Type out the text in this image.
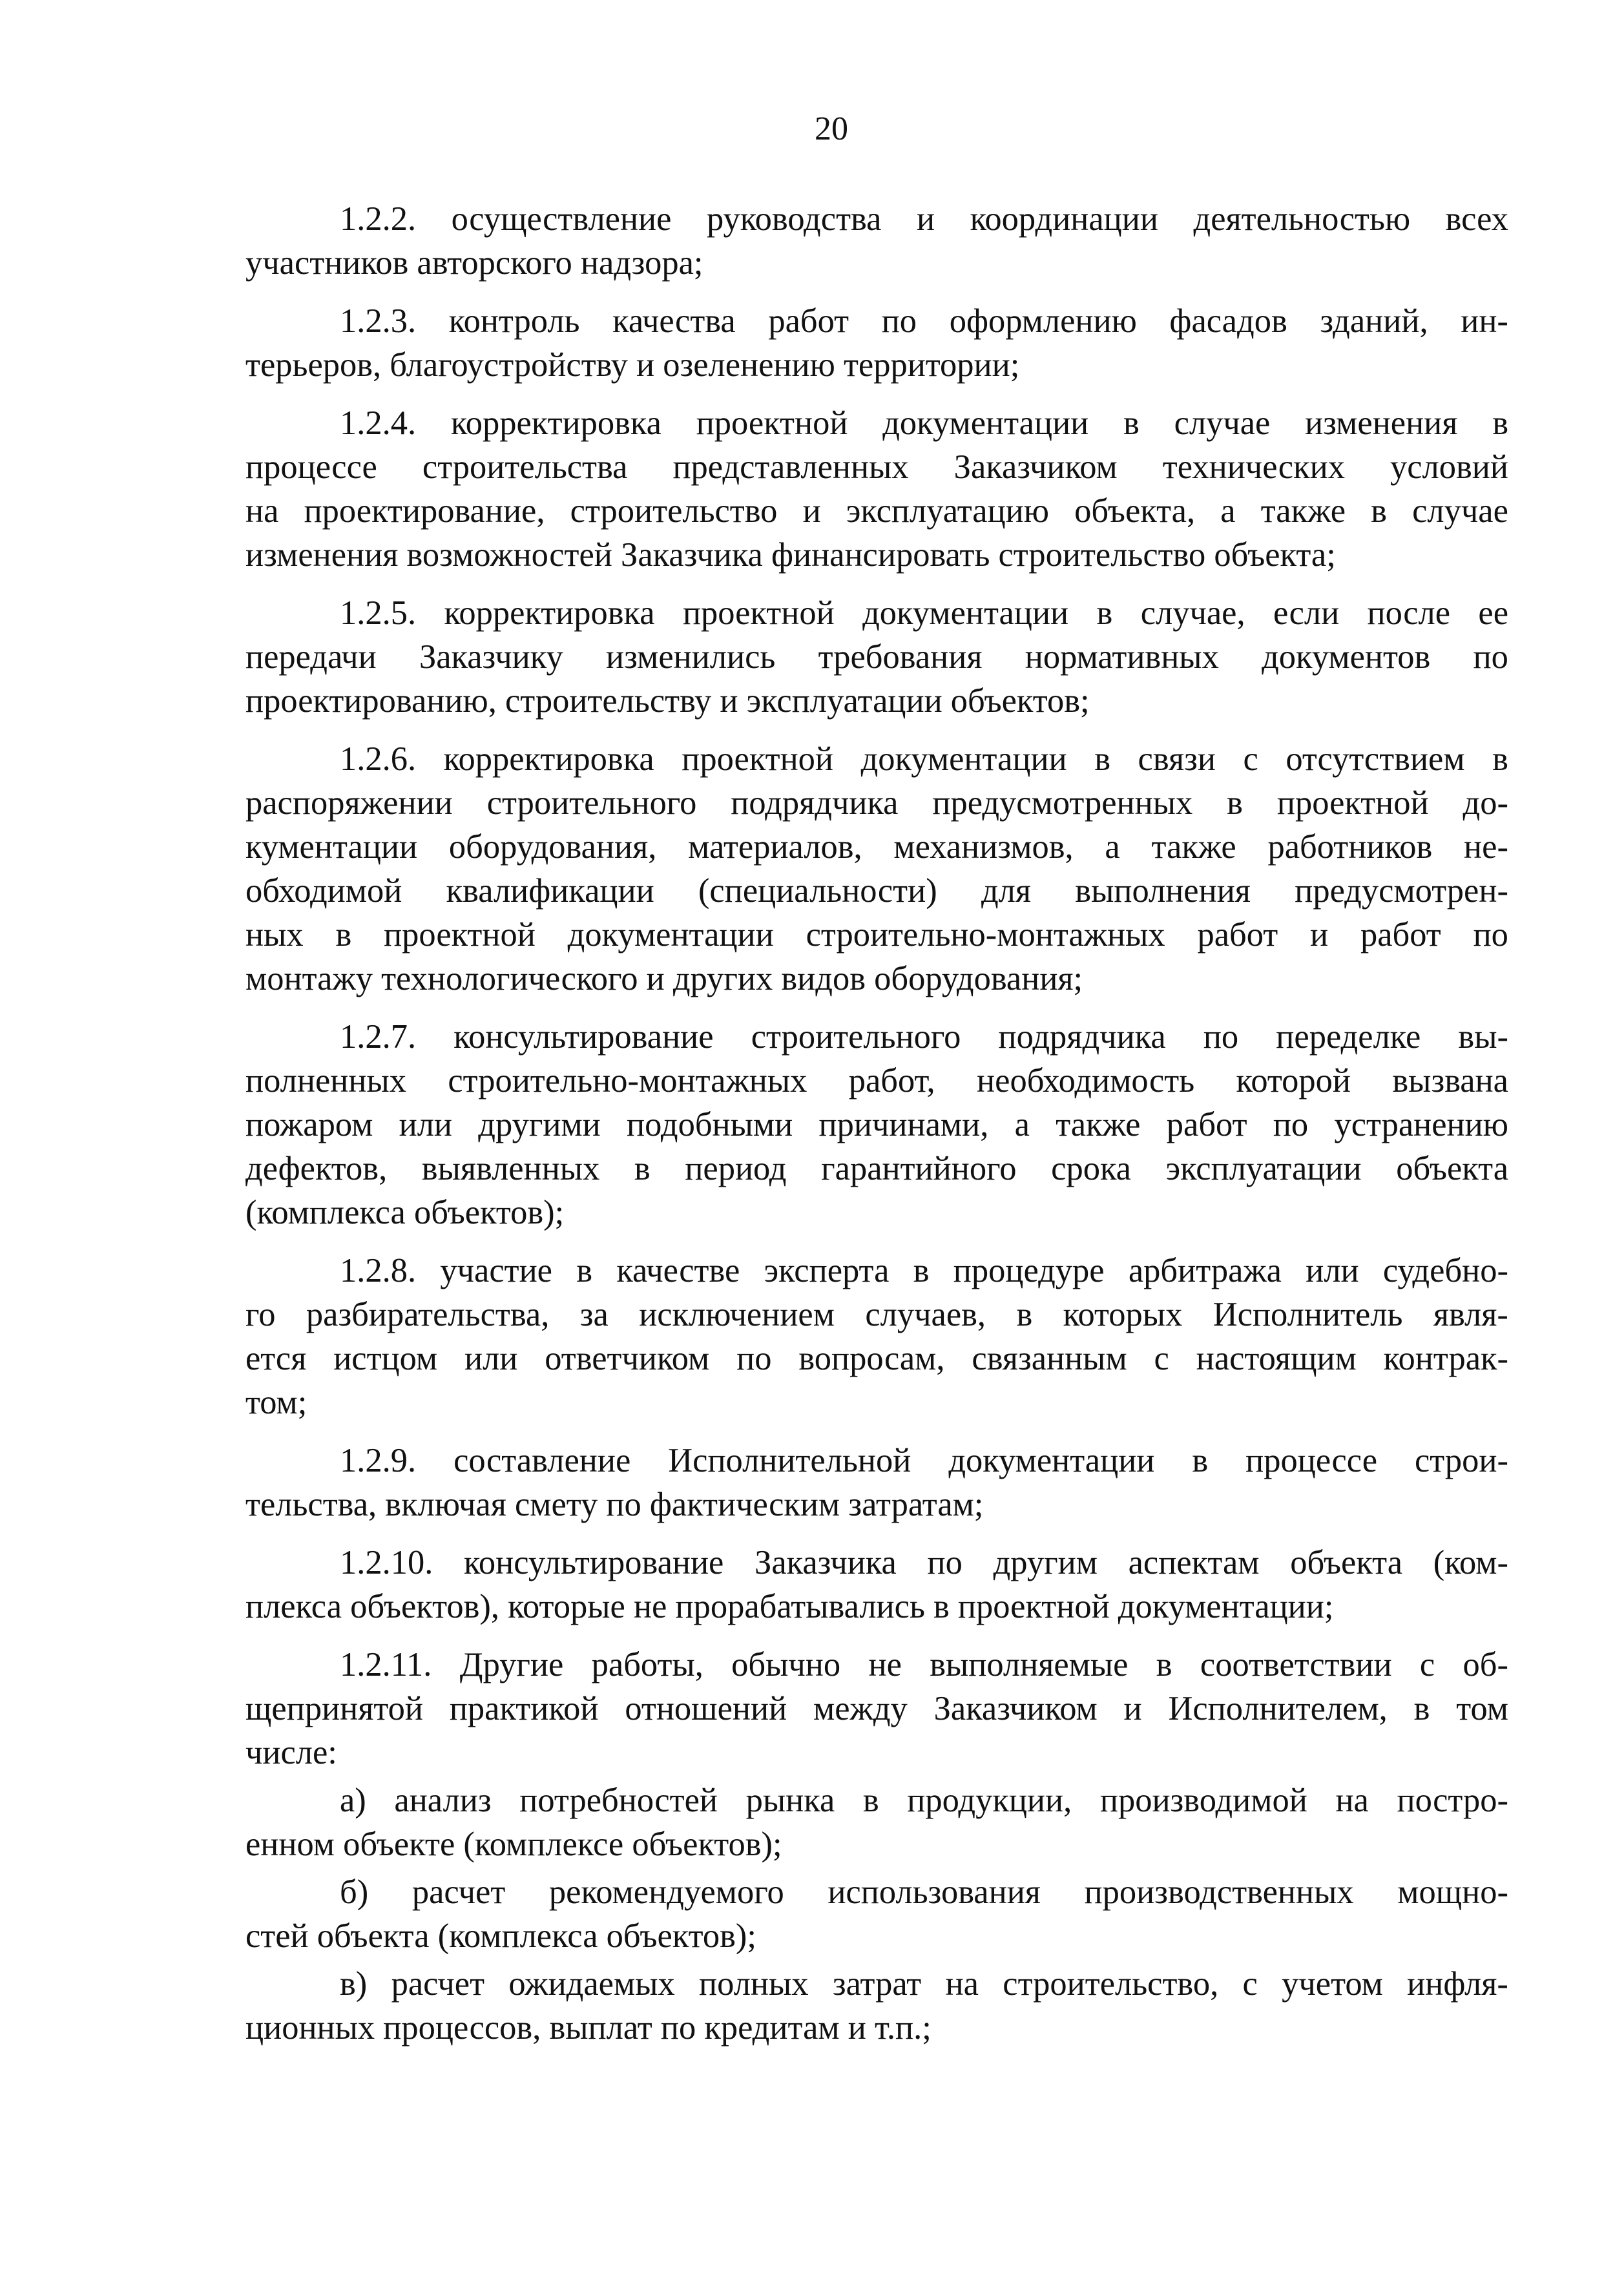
20
1.2.2. осуществление руководства и координации деятельностью всех
участников авторского надзора;
1.2.3. контроль качества работ по оформлению фасадов зданий, ин-
терьеров, благоустройству и озеленению территории;
1.2.4. корректировка проектной документации в случае изменения в
процессе строительства представленных Заказчиком технических условий
на проектирование, строительство и эксплуатацию объекта, а также в случае
изменения возможностей Заказчика финансировать строительство объекта;
1.2.5. корректировка проектной документации в случае, если после ее
передачи Заказчику изменились требования нормативных документов по
проектированию, строительству и эксплуатации объектов;
1.2.6. корректировка проектной документации в связи с отсутствием в
распоряжении строительного подрядчика предусмотренных в проектной до-
кументации оборудования, материалов, механизмов, а также работников не-
обходимой квалификации (специальности) для выполнения предусмотрен-
ных в проектной документации строительно-монтажных работ и работ по
монтажу технологического и других видов оборудования;
1.2.7. консультирование строительного подрядчика по переделке вы-
полненных строительно-монтажных работ, необходимость которой вызвана
пожаром или другими подобными причинами, а также работ по устранению
дефектов, выявленных в период гарантийного срока эксплуатации объекта
(комплекса объектов);
1.2.8. участие в качестве эксперта в процедуре арбитража или судебно-
го разбирательства, за исключением случаев, в которых Исполнитель явля-
ется истцом или ответчиком по вопросам, связанным с настоящим контрак-
том;
1.2.9. составление Исполнительной документации в процессе строи-
тельства, включая смету по фактическим затратам;
1.2.10. консультирование Заказчика по другим аспектам объекта (ком-
плекса объектов), которые не прорабатывались в проектной документации;
1.2.11. Другие работы, обычно не выполняемые в соответствии с об-
щепринятой практикой отношений между Заказчиком и Исполнителем, в том
числе:
а) анализ потребностей рынка в продукции, производимой на постро-
енном объекте (комплексе объектов);
б) расчет рекомендуемого использования производственных мощно-
стей объекта (комплекса объектов);
в) расчет ожидаемых полных затрат на строительство, с учетом инфля-
ционных процессов, выплат по кредитам и т.п.;
